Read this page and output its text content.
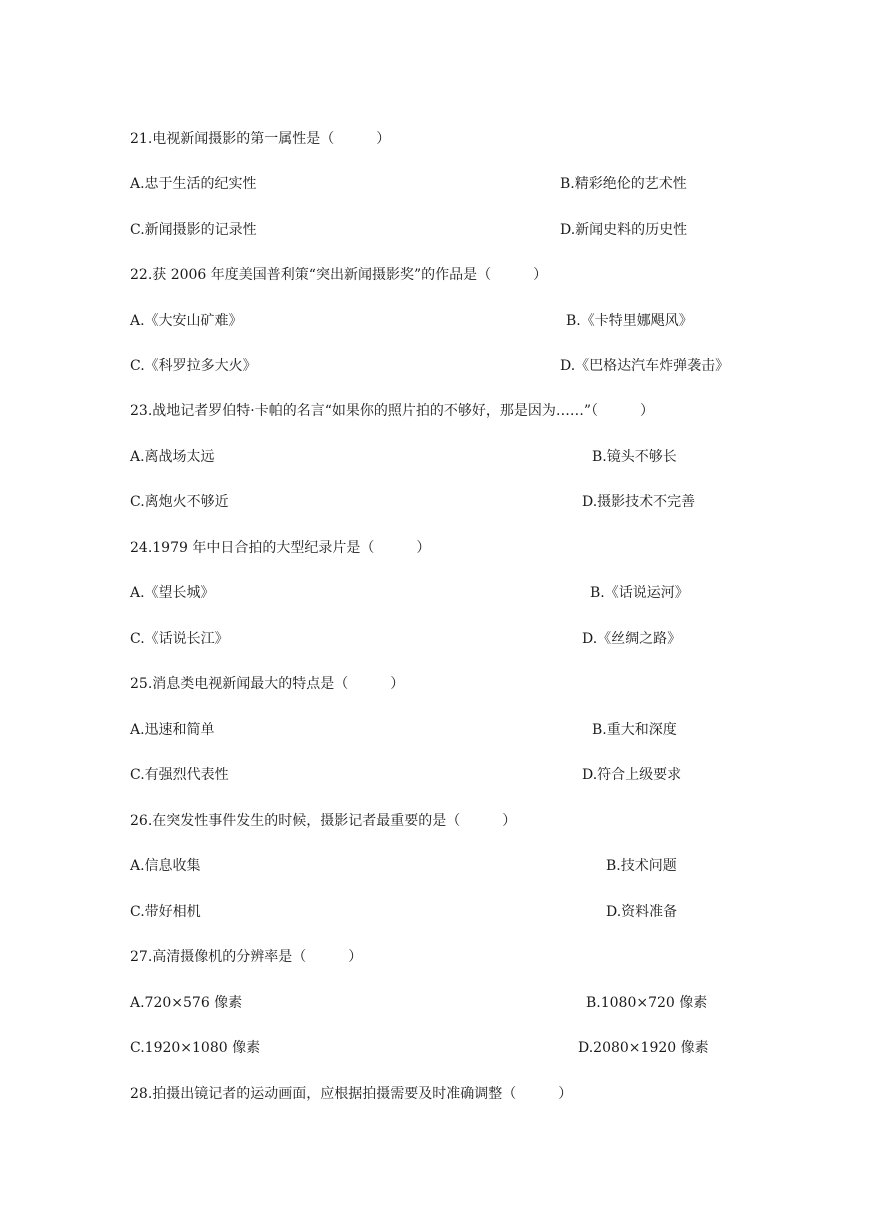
21.电视新闻摄影的第一属性是（　　　）
A.忠于生活的纪实性	B.精彩绝伦的艺术性
C.新闻摄影的记录性	D.新闻史料的历史性
22.获 2006 年度美国普利策“突出新闻摄影奖”的作品是（　　　）
A.《大安山矿难》	B.《卡特里娜飓风》
C.《科罗拉多大火》	D.《巴格达汽车炸弹袭击》
23.战地记者罗伯特·卡帕的名言“如果你的照片拍的不够好，那是因为……”（　　　）
A.离战场太远	B.镜头不够长
C.离炮火不够近	D.摄影技术不完善
24.1979 年中日合拍的大型纪录片是（　　　）
A.《望长城》	B.《话说运河》
C.《话说长江》	D.《丝绸之路》
25.消息类电视新闻最大的特点是（　　　）
A.迅速和简单	B.重大和深度
C.有强烈代表性	D.符合上级要求
26.在突发性事件发生的时候，摄影记者最重要的是（　　　）
A.信息收集	B.技术问题
C.带好相机	D.资料准备
27.高清摄像机的分辨率是（　　　）
A.720×576 像素	B.1080×720 像素
C.1920×1080 像素	D.2080×1920 像素
28.拍摄出镜记者的运动画面，应根据拍摄需要及时准确调整（　　　）
